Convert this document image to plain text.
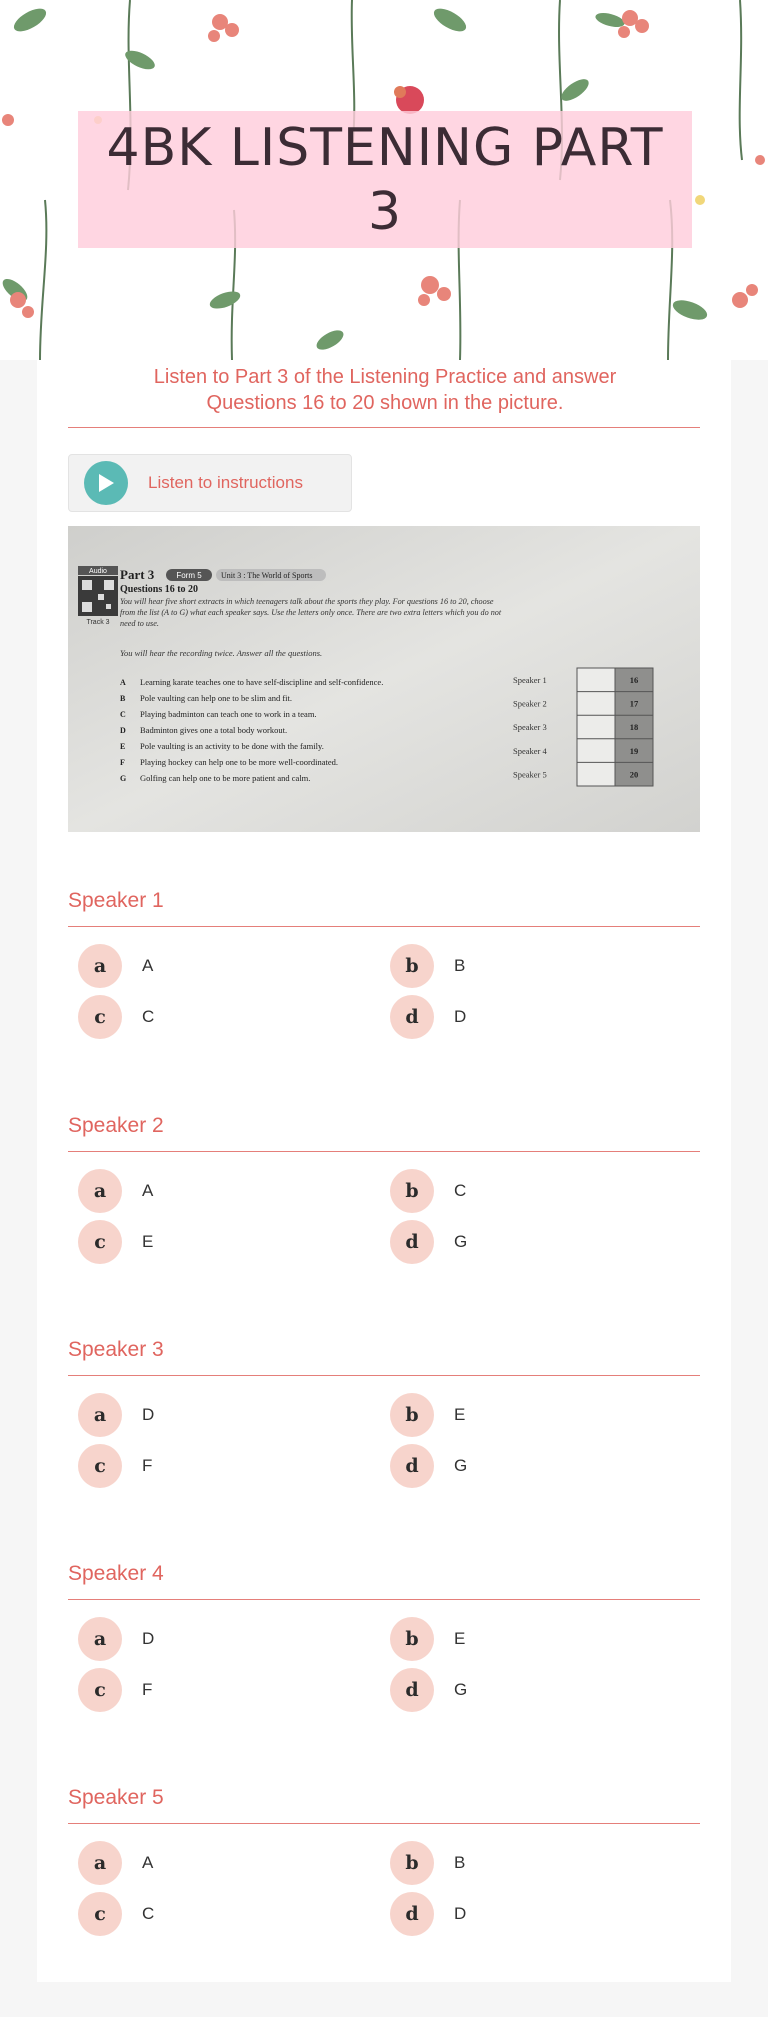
4BK LISTENING PART 3

Listen to Part 3 of the Listening Practice and answer

Questions 16 to 20 shown in the picture.

Listen to instructions
Audio
Track 3
Part 3	Form 5 Unit 3 : The World of Sports
Questions 16 to 20
You will hear five short extracts in which teenagers talk about the sports they play. For questions 16 to 20, choose
from the list (A to G) what each speaker says. Use the letters only once. There are two extra letters which you do not
need to use.
You will hear the recording twice. Answer all the questions.
A Learning karate teaches one to have self-discipline and self-confidence.
B Pole vaulting can help one to be slim and fit.
C Playing badminton can teach one to work in a team.
D Badminton gives one a total body workout.
E Pole vaulting is an activity to be done with the family.
F Playing hockey can help one to be more well-coordinated.
G Golfing can help one to be more patient and calm.
Speaker 1	16
Speaker 2	17
Speaker 3	18
Speaker 4	19
Speaker 5	20

Speaker 1

a	A	b	B
c	C	d	D

Speaker 2

a	A	b	C
c	E	d	G

Speaker 3

a	D	b	E
c	F	d	G

Speaker 4

a	D	b	E
c	F	d	G

Speaker 5

a	A	b	B
c	C	d	D
